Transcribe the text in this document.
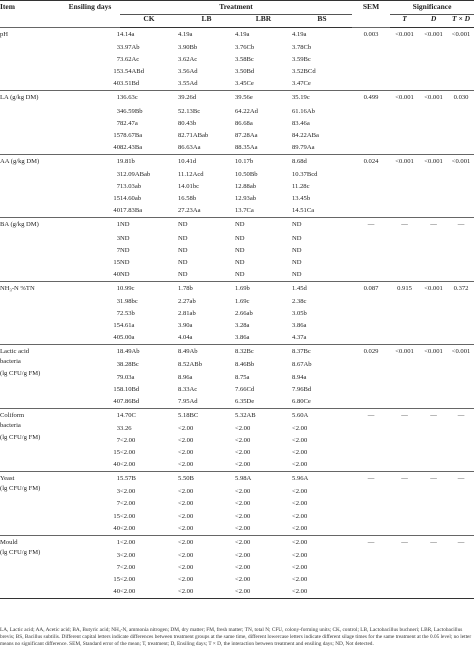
Item	Ensiling days	Treatment				SEM	Significance		
		CK	LB	LBR	BS		T	D	T × D

pH	1	4.14a	4.19a	4.19a	4.19a	0.003	<0.001	<0.001	<0.001
	3	3.97Ab	3.90Bb	3.76Cb	3.78Cb				
	7	3.62Ac	3.62Ac	3.58Bc	3.59Bc				
	15	3.54ABd	3.56Ad	3.50Bd	3.52BCd				
	40	3.51Bd	3.55Ad	3.45Ce	3.47Ce				

LA (g/kg DM)	1	36.63c	39.26d	39.56e	35.19c	0.499	<0.001	<0.001	0.030
	3	46.59Bb	52.13Bc	64.22Ad	61.16Ab				
	7	82.47a	80.43b	86.68a	83.46a				
	15	78.67Ba	82.71ABab	87.28Aa	84.22ABa				
	40	82.43Ba	86.63Aa	88.35Aa	89.79Aa				

AA (g/kg DM)	1	9.81b	10.41d	10.17b	8.68d	0.024	<0.001	<0.001	<0.001
	3	12.09ABab	11.12Acd	10.50Bb	10.37Bcd				
	7	13.03ab	14.01bc	12.88ab	11.28c				
	15	14.60ab	16.58b	12.93ab	13.45b				
	40	17.83Ba	27.23Aa	13.7Ca	14.51Ca				

BA (g/kg DM)	1	ND	ND	ND	ND	—	—	—	—
	3	ND	ND	ND	ND				
	7	ND	ND	ND	ND				
	15	ND	ND	ND	ND				
	40	ND	ND	ND	ND				

NH₃-N %TN	1	0.99c	1.78b	1.69b	1.45d	0.087	0.915	<0.001	0.372
	3	1.98bc	2.27ab	1.69c	2.38c				
	7	2.53b	2.81ab	2.66ab	3.05b				
	15	4.61a	3.90a	3.28a	3.86a				
	40	5.00a	4.04a	3.86a	4.37a				

Lactic acid
bacteria
(lg CFU/g FM)	1	8.49Ab	8.49Ab	8.32Bc	8.37Bc	0.029	<0.001	<0.001	<0.001
	3	8.28Bc	8.52ABb	8.46Bb	8.67Ab				
	7	9.03a	8.96a	8.75a	8.94a				
	15	8.10Bd	8.33Ac	7.66Cd	7.96Bd				
	40	7.86Bd	7.95Ad	6.35De	6.80Ce				

Coliform
bacteria
(lg CFU/g FM)	1	4.70C	5.18BC	5.32AB	5.60A	—	—	—	—
	3	3.26	<2.00	<2.00	<2.00				
	7	<2.00	<2.00	<2.00	<2.00				
	15	<2.00	<2.00	<2.00	<2.00				
	40	<2.00	<2.00	<2.00	<2.00				

Yeast
(lg CFU/g FM)	1	5.57B	5.50B	5.98A	5.96A	—	—	—	—
	3	<2.00	<2.00	<2.00	<2.00				
	7	<2.00	<2.00	<2.00	<2.00				
	15	<2.00	<2.00	<2.00	<2.00				
	40	<2.00	<2.00	<2.00	<2.00				

Mould
(lg CFU/g FM)	1	<2.00	<2.00	<2.00	<2.00	—	—	—	—
	3	<2.00	<2.00	<2.00	<2.00				
	7	<2.00	<2.00	<2.00	<2.00				
	15	<2.00	<2.00	<2.00	<2.00				
	40	<2.00	<2.00	<2.00	<2.00				

LA, Lactic acid; AA, Acetic acid; BA, Butyric acid; NH₃-N, ammonia nitrogen; DM, dry matter; FM, fresh matter; TN, total N; CFU, colony-forming units; CK, control; LB, Lactobacillus buchneri; LBR, Lactobacillus brevis; BS, Bacillus subtilis. Different capital letters indicate differences between treatment groups at the same time, different lowercase letters indicate different silage times for the same treatment at the 0.05 level; no letter means no significant difference. SEM, Standard error of the mean; T, treatment; D, Ensiling days; T × D, the interaction between treatment and ensiling days; ND, Not detected.
